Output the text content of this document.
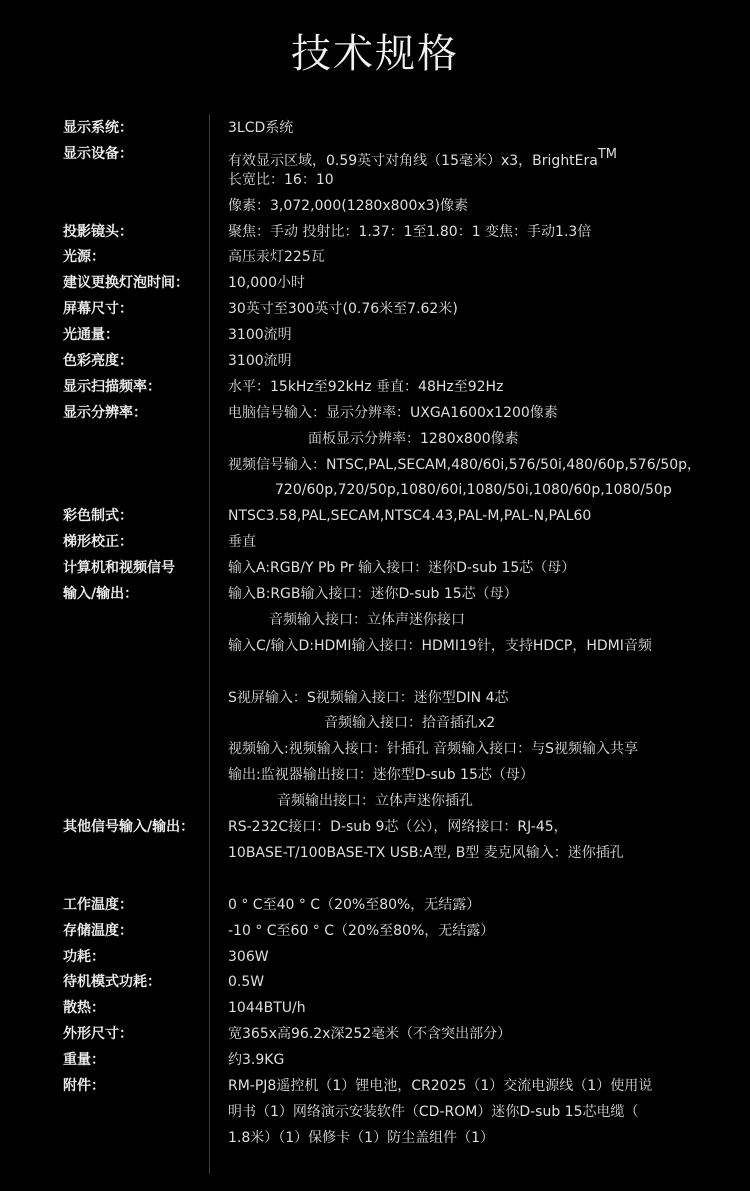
技术规格
显示系统：
显示设备：
投影镜头：
光源：
建议更换灯泡时间：
屏幕尺寸：
光通量：
色彩亮度：
显示扫描频率：
显示分辨率：
彩色制式：
梯形校正：
计算机和视频信号
输入/输出：
其他信号输入/输出：
工作温度：
存储温度：
功耗：
待机模式功耗：
散热：
外形尺寸：
重量：
附件：
3LCD系统
有效显示区域，0.59英寸对角线（15毫米）x3，BrightEraTM
长宽比：16：10
像素：3,072,000(1280x800x3)像素
聚焦：手动 投射比：1.37：1至1.80：1 变焦：手动1.3倍
高压汞灯225瓦
10,000小时
30英寸至300英寸(0.76米至7.62米)
3100流明
3100流明
水平：15kHz至92kHz 垂直：48Hz至92Hz
电脑信号输入：显示分辨率：UXGA1600x1200像素
面板显示分辨率：1280x800像素
视频信号输入：NTSC,PAL,SECAM,480/60i,576/50i,480/60p,576/50p，
720/60p,720/50p,1080/60i,1080/50i,1080/60p,1080/50p
NTSC3.58,PAL,SECAM,NTSC4.43,PAL-M,PAL-N,PAL60
垂直
输入A:RGB/Y Pb Pr 输入接口：迷你D-sub 15芯（母）
输入B:RGB输入接口：迷你D-sub 15芯（母）
音频输入接口：立体声迷你接口
输入C/输入D:HDMI输入接口：HDMI19针，支持HDCP，HDMI音频
S视屏输入：S视频输入接口：迷你型DIN 4芯
音频输入接口：拾音插孔x2
视频输入:视频输入接口：针插孔 音频输入接口：与S视频输入共享
输出:监视器输出接口：迷你型D-sub 15芯（母）
音频输出接口：立体声迷你插孔
RS-232C接口：D-sub 9芯（公），网络接口：RJ-45，
10BASE-T/100BASE-TX USB:A型, B型 麦克风输入：迷你插孔
0 ° C至40 ° C（20%至80%，无结露）
-10 ° C至60 ° C（20%至80%，无结露）
306W
0.5W
1044BTU/h
宽365x高96.2x深252毫米（不含突出部分）
约3.9KG
RM-PJ8遥控机（1）锂电池，CR2025（1）交流电源线（1）使用说
明书（1）网络演示安装软件（CD-ROM）迷你D-sub 15芯电缆（
1.8米）（1）保修卡（1）防尘盖组件（1）
